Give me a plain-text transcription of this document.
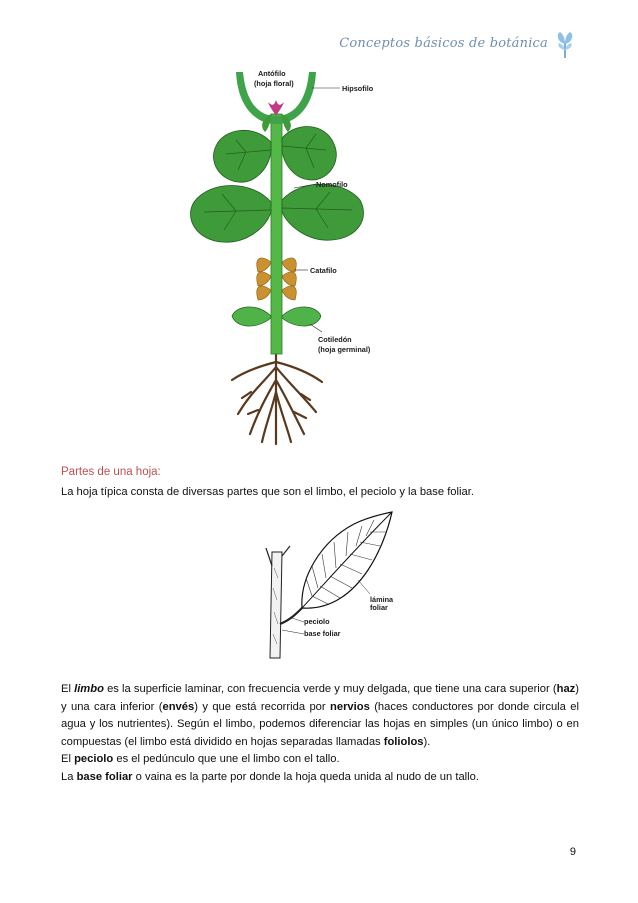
Conceptos básicos de botánica
Antófilo
(hoja floral)
Hipsofilo
Nomofilo
Catafilo
Cotiledón
(hoja germinal)
Partes de una hoja:
La hoja típica consta de diversas partes que son el limbo, el peciolo y la base foliar.
lámina
foliar
peciolo
base foliar

El limbo es la superficie laminar, con frecuencia verde y muy delgada, que tiene una cara superior (haz) y una cara inferior (envés) y que está recorrida por nervios (haces conductores por donde circula el agua y los nutrientes). Según el limbo, podemos diferenciar las hojas en simples (un único limbo) o en compuestas (el limbo está dividido en hojas separadas llamadas foliolos).

El peciolo es el pedúnculo que une el limbo con el tallo.

La base foliar o vaina es la parte por donde la hoja queda unida al nudo de un tallo.

9
